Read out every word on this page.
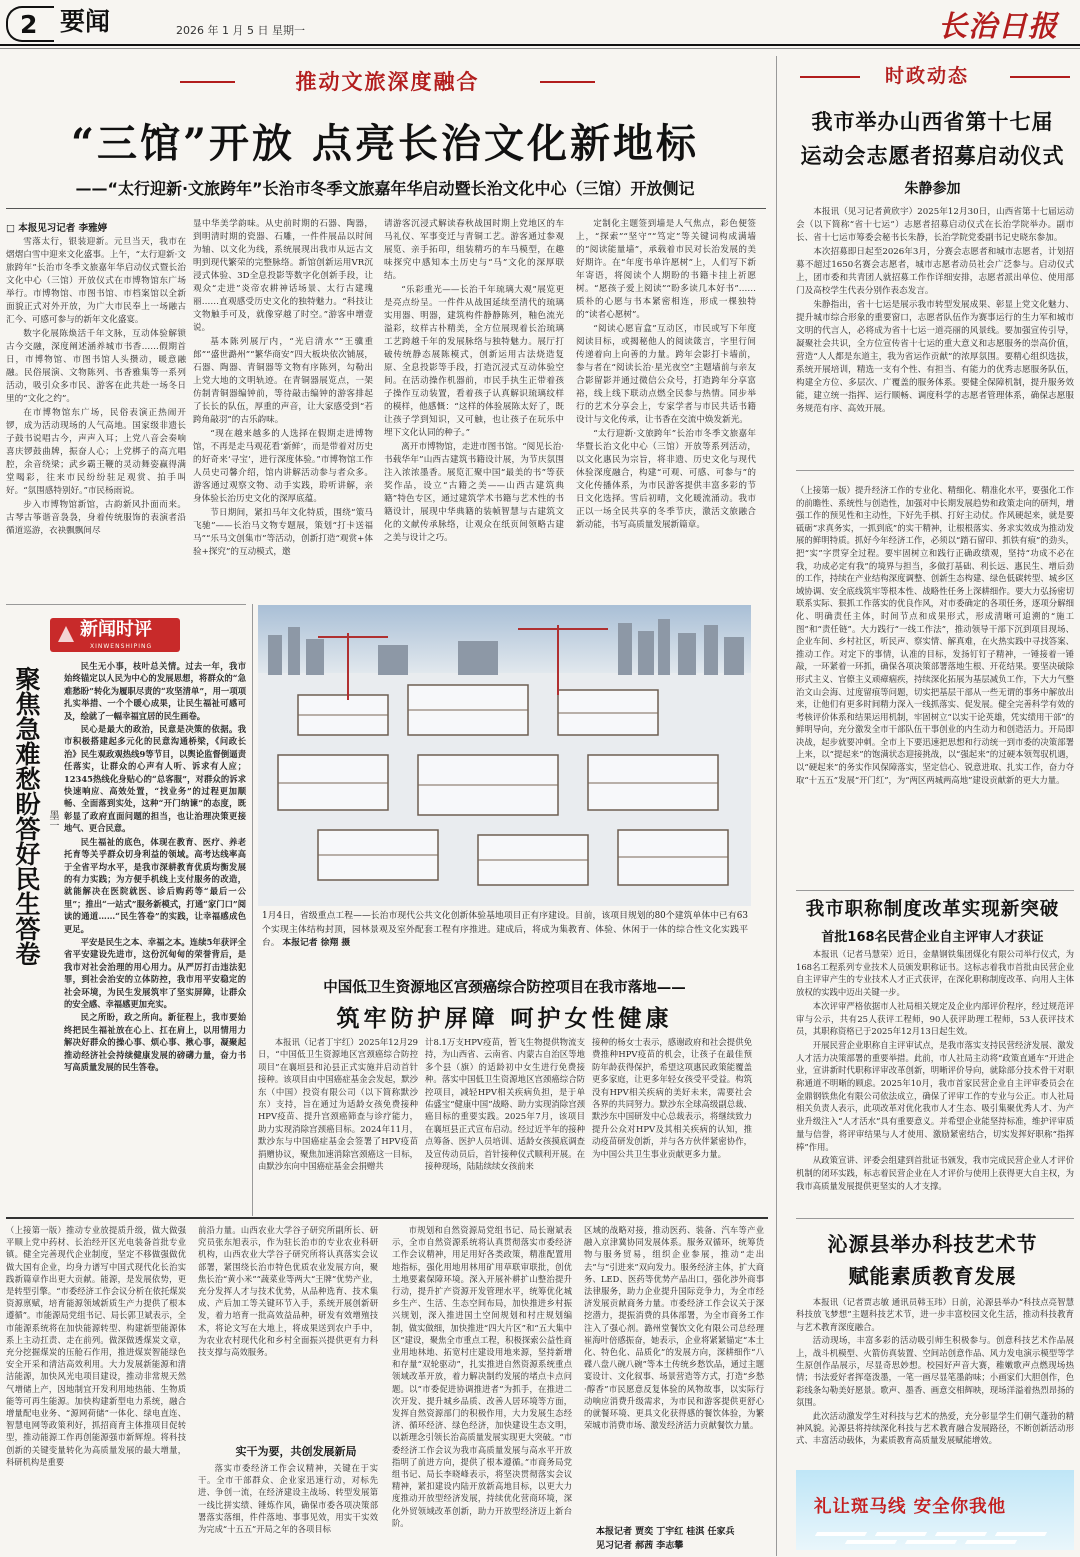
2 要闻	2026 年 1 月 5 日 星期一	长治日报
推动文旅深度融合
“三馆”开放 点亮长治文化新地标
——“太行迎新·文旅跨年”长治市冬季文旅嘉年华启动暨长治文化中心（三馆）开放侧记
□ 本报见习记者 李雅婷

雪落太行，银装迎新。元旦当天，我市在熠熠白雪中迎来文化盛事。上午，“太行迎新·文旅跨年”长治市冬季文旅嘉年华启动仪式暨长治文化中心（三馆）开放仪式在市博物馆东广场举行。市博物馆、市图书馆、市档案馆以全新面貌正式对外开放，为广大市民奉上一场融古汇今、可感可参与的新年文化盛宴。

数字化展陈焕活千年文脉，互动体验解锁古今交融，深度阐述涵养城市书香……假期首日，市博物馆、市图书馆人头攒动，暖意融融。民俗展演、文物陈列、书香雅集等一系列活动，吸引众多市民、游客在此共赴一场冬日里的“文化之约”。

在市博物馆东广场，民俗表演正热闹开锣，成为活动现场的人气高地。国家级非遗长子鼓书说唱古今，声声入耳；上党八音会奏响喜庆锣鼓曲牌，振奋人心；上党梆子的高亢唱腔，余音绕梁；武乡霸王鞭的灵动舞姿赢得满堂喝彩，往来市民纷纷驻足观赏、拍手叫好。“氛围感特别好。”市民杨雨说。

步入市博物馆新馆，古韵新风扑面而来。古琴古筝谐音袅袅，身着传统服饰的表演者沿循道巡游，衣袂飘飘间尽

显中华美学韵味。从史前时期的石器、陶器，到明清时期的瓷器、石雕，一件件展品以时间为轴、以文化为线，系统展现出我市从远古文明到现代繁荣的完整脉络。新馆创新运用VR沉浸式体验、3D全息投影等数字化创新手段，让观众“走进”炎帝农耕神话场景、太行古建瑰丽……直观感受历史文化的独特魅力。“科技让文物触手可及，就像穿越了时空。”游客申增壹说。

基本陈列展厅内，“光启清水”“王骥重郎”“盛世潞州”“繁华商安”四大板块依次铺展，石器、陶器、青铜器等文物有序陈列，勾勒出上党大地的文明轨迹。在青铜器展览点，一架仿制青铜器编钟前，等待敲击编钟的游客排起了长长的队伍，厚重的声音，让大家感受到“若跨角敲羽”的古乐韵味。

“现在越来越多的人选择在假期走进博物馆，不再是走马观花看‘新鲜’，而是带着对历史的好奇来‘寻宝’，进行深度体验。”市博物馆工作人员史司馨介绍，馆内讲解活动参与者众多。游客通过观察文物、动手实践，聆听讲解，亲身体验长治历史文化的深厚底蕴。

节日期间，紧扣马年文化特质，围绕“策马飞驰”——长治马文物专题展，策划“打卡送福马”“乐马文创集市”等活动，创新打造“观赏+体验+探究”的互动模式，邀

请游客沉浸式解读春秋战国时期上党地区的车马礼仪、军事变迁与青铜工艺。游客通过参观展览、亲手拓印，组装精巧的车马模型，在趣味探究中感知本土历史与“马”文化的深厚联结。

“乐彩重光——长治千年琉璃大观”展览更是亮点纷呈。一件件从战国延续至清代的琉璃实用器、明器，建筑构件静静陈列，釉色流光溢彩，纹样古朴精美，全方位展现着长治琉璃工艺跨越千年的发展脉络与独特魅力。展厅打破传统静态展陈模式，创新运用古法烧造复原、全息投影等手段，打造沉浸式互动体验空间。在活动操作机器前，市民手执生正带着孩子操作互动装置，看着孩子认真解识琉璃纹样的模样，他感慨：“这样的体验展陈太好了，既让孩子学到知识，又可触，也让孩子在玩乐中埋下文化认同的种子。”

离开市博物馆，走进市图书馆。“阅见长治·书载华年”山西古建筑书籍设计展，为节庆氛围注入浓浓墨香。展览汇聚中国“最美的书”等获奖作品，设立“古籍之美——山西古建筑典籍”特色专区，通过建筑学术书籍与艺术性的书籍设计，展现中华典籍的装帧智慧与古建筑文化的文献传承脉络，让观众在纸页间领略古建之美与设计之巧。

定制化主题签到墙是人气焦点，彩色便签上，“探索”“坚守”“笃定”等关键词构成满墙的“阅读能量墙”，承载着市民对长治发展的美好期许。在“年度书单许愿树”上，人们写下新年寄语，将阅读个人期盼的书籍卡挂上祈愿树。“愿孩子爱上阅读”“盼多读几本好书”……质朴的心愿与书本紧密相连，形成一棵独特的“读者心愿树”。

“阅读心愿盲盒”互动区，市民或写下年度阅读目标，或揭秘他人的阅读箴言，字里行间传递着向上向善的力量。跨年会影打卡墙前，参与者在“阅读长治·星光夜空”主题墙前与亲友合影留影并通过微信公众号，打造跨年分享富裕，线上线下联动点燃全民参与热情。同步举行的艺术分享会上，专家学者与市民共话书籍设计与文化传承，让书香在交流中焕发新光。

“太行迎新·文旅跨年”长治市冬季文旅嘉年华暨长治文化中心（三馆）开放等系列活动，以文化惠民为宗旨，将非遗、历史文化与现代休验深度融合，构建“可观、可感、可参与”的文化传播体系，为市民游客提供丰富多彩的节日文化选择。雪后初晴，文化暖流涌动。我市正以一场全民共享的冬季节庆，激活文旅融合新动能，书写高质量发展新篇章。

时政动态
我市举办山西省第十七届
运动会志愿者招募启动仪式
朱静参加

本报讯（见习记者黄欣宇）2025年12月30日，山西省第十七届运动会（以下简称“省十七运”）志愿者招募启动仪式在长治学院举办。副市长、省十七运市筹委会秘书长朱静，长治学院党委副书记史晓东参加。

本次招募即日起至2026年3月，分赛会志愿者和城市志愿者，计划招募不超过1650名赛会志愿者，城市志愿者动员社会广泛参与。启动仪式上，团市委和共青团人就招募工作作详细安排，志愿者派出单位、使用部门及高校学生代表分别作表态发言。

朱静指出，省十七运是展示我市转型发展成果、彰显上党文化魅力、提升城市综合形象的重要窗口，志愿者队伍作为赛事运行的生力军和城市文明的代言人，必将成为省十七运一道亮丽的风景线。要加强宣传引导，凝聚社会共识，全方位宣传省十七运的重大意义和志愿服务的崇高价值，营造“人人都是东道主，我为省运作贡献”的浓厚氛围。要精心组织选拔，系统开展培训，精选一支有个性、有担当、有能力的优秀志愿服务队伍，构建全方位、多层次、广覆盖的服务体系。要健全保障机制，提升服务效能，建立统一指挥、运行顺畅、调度科学的志愿者管理体系，确保志愿服务规范有序、高效开展。

（上接第一版）提升经济工作的专业化、精细化、精准化水平，要强化工作的前瞻性、系统性与创造性，加强对中长期发展趋势和政策走向的研判，增强工作的预见性和主动性，下好先手棋、打好主动仗。作风硬起来，就是要砥砺“求真务实，一抓到底”的实干精神，让根根落实、务求实效成为推动发展的鲜明特质。抓好今年经济工作，必须以“踏石留印、抓铁有痕”的劲头，把“实”字贯穿全过程。要牢固树立和践行正确政绩观，坚持“功成不必在我，功成必定有我”的境界与担当，多做打基础、利长远、惠民生、增后劲的工作，持续在产业结构深度调整、创新生态构建、绿色低碳转型、城乡区域协调、安全底线筑牢等根本性、战略性任务上深耕细作。要大力弘扬密切联系实际、狠抓工作落实的优良作风，对市委确定的各项任务，逐项分解细化、明确责任主体，时间节点和成果形式，形成清晰可追溯的“施工图”和“责任链”。大力践行“一线工作法”，推动领导干部下沉到项目现场、企业车间、乡村社区，听民声、察实情、解真难，在火热实践中寻找答案、推动工作。对定下的事情，认准的目标，发扬钉钉子精神，一锤接着一锤敲，一环紧着一环抓，确保各项决策部署落地生根、开花结果。要坚决破除形式主义、官僚主义顽瘴痼疾，持续深化拓展为基层减负工作，下大力气整治文山会海、过度留痕等问题，切实把基层干部从一些无谓的事务中解放出来，让他们有更多时间精力深入一线抓落实、促发展。健全完善科学有效的考核评价体系和结果运用机制，牢固树立“以实干论英雄，凭实绩用干部”的鲜明导向，充分激发全市干部队伍干事创业的内生动力和创造活力。开局即决战，起步就要冲刺。全市上下要迅速把思想和行动统一到市委的决策部署上来，以“提起来”的饱满状态迎接挑战，以“强起来”的过硬本领驾驭机遇，以“硬起来”的务实作风保障落实，坚定信心、锐意进取、扎实工作，奋力夺取“十五五”发展“开门红”，为“两区两城两高地”建设贡献新的更大力量。

我市职称制度改革实现新突破
首批168名民营企业自主评审人才获证

本报讯（记者马慧荣）近日，金鼎钢铁集团煤化有限公司举行仪式，为168名工程系列专业技术人员颁发职称证书。这标志着我市首批由民营企业自主评审产生的专业技术人才正式获评，在深化职称制度改革、向用人主体放权的实践中迈出关键一步。

本次评审严格依据市人社局相关规定及企业内部评价程序，经过规范评审与公示，共有25人获评工程师，90人获评助理工程师，53人获评技术员，其职称资格已于2025年12月13日起生效。

开展民营企业职称自主评审试点，是我市落实支持民营经济发展、激发人才活力决策部署的重要举措。此前，市人社局主动将“政策直通车”开进企业，宣讲新时代职称评审改革创新，明晰评价导向，就除部分技术骨干对职称通道不明晰的顾虑。2025年10月，我市首家民营企业自主评审委员会在金鼎钢铁焦化有限公司依法成立，确保了评审工作的专业与公正。市人社局相关负责人表示，此项改革对优化我市人才生态、吸引集聚优秀人才、为产业升级注入“人才活水”具有重要意义。并希望企业能坚持标准，维护评审质量与信誉，将评审结果与人才使用、激励紧密结合，切实发挥好职称“指挥棒”作用。

从政策宣讲、评委会组建到首批证书颁发，我市完成民营企业人才评价机制的闭环实践，标志着民营企业在人才评价与使用上获得更大自主权，为我市高质量发展提供更坚实的人才支撑。

沁源县举办科技艺术节
赋能素质教育发展

本报讯（记者贾志敏 通讯员韩玉玮）日前，沁源县举办“科技点亮智慧 科技放飞梦想”主题科技艺术节，进一步丰富校园文化生活，推动科技教育与艺术教育深度融合。

活动现场，丰富多彩的活动吸引师生积极参与。创意科技艺术作品展上，战斗机模型、火箭仿真装置、空间站创意作品、风力发电演示模型等学生原创作品展示，尽显奇思妙想。校园好声音大赛，稚嫩歌声点燃现场热情；书法爱好者挥毫泼墨，一笔一画尽显笔墨韵味；小画家们大胆创作，色彩线条勾勒美好愿景。歌声、墨香、画意交相辉映，现场洋溢着热烈昂扬的氛围。

此次活动激发学生对科技与艺术的热爱，充分彰显学生们朝气蓬勃的精神风貌。沁源县将持续深化科技与艺术教育融合发展路径，不断创新活动形式、丰富活动载体，为素质教育高质量发展赋能增效。

礼让斑马线 安全你我他
新闻时评
XINWENSHIPING
聚焦急难愁盼答好民生答卷 墨一

民生无小事，枝叶总关情。过去一年，我市始终锚定以人民为中心的发展思想，将群众的“急难愁盼”转化为履职尽责的“攻坚清单”，用一项项扎实举措、一个个暖心成果，让民生福祉可感可及，绘就了一幅幸福宜居的民生画卷。

民心是最大的政治，民意是决策的依据。我市积极搭建起多元化的民意沟通桥梁，《问政长治》民生观政观热线9等节目，以舆论监督倒逼责任落实，让群众的心声有人听、诉求有人应；12345热线化身贴心的“总客服”，对群众的诉求快速响应、高效处置，“找业务”的过程更加顺畅、全面落到实处，这种“开门纳谏”的态度，既彰显了政府直面问题的担当，也让治理决策更接地气、更合民意。

民生福祉的底色，体现在教育、医疗、养老托育等关乎群众切身利益的领域。高考达线率高于全省平均水平，是我市深耕教育优质均衡发展的有力实践；为方便手机线上支付服务的改造，就能解决在医院就医、诊后购药等“最后一公里”；推出“一站式”服务新模式，打通“家门口”阅读的通道……“民生答卷”的实践，让幸福感成色更足。

平安是民生之本、幸福之本。连续5年获评全省平安建设先进市，这份沉甸甸的荣誉背后，是我市对社会治理的用心用力。从严厉打击违法犯罪，到社会治安的立体防控，我市用平安稳定的社会环境，为民生发展筑牢了坚实屏障，让群众的安全感、幸福感更加充实。

民之所盼，政之所向。新征程上，我市要始终把民生福祉放在心上、扛在肩上，以用情用力解决好群众的操心事、烦心事、揪心事，凝聚起推动经济社会持续健康发展的磅礴力量，奋力书写高质量发展的民生答卷。

1月4日，省级重点工程——长治市现代公共文化创新体验基地项目正有序建设。目前，该项目规划的80个建筑单体中已有63个实现主体结构封顶，园林景观及室外配套工程有序推进。建成后，将成为集教育、体验、休闲于一体的综合性文化实践平台。 本报记者 徐翔 摄
中国低卫生资源地区宫颈癌综合防控项目在我市落地——
筑牢防护屏障 呵护女性健康

本报讯（记者丁宇红）2025年12月29日，“中国低卫生资源地区宫颈癌综合防控项目”在襄垣县和沁县正式实施并启动首针接种。该项目由中国癌症基金会发起，默沙东（中国）投资有限公司（以下简称默沙东）支持，旨在通过为适龄女孩免费接种HPV疫苗、提升宫颈癌筛查与诊疗能力，助力实现消除宫颈癌目标。2024年11月，默沙东与中国癌症基金会签署了HPV疫苗捐赠协议，聚焦加速消除宫颈癌这一目标，由默沙东向中国癌症基金会捐赠共

计8.1万支HPV疫苗，暂飞生物提供物流支持，为山西省、云南省、内蒙古自治区等地多个县（旗）的适龄初中女生进行免费接种。落实中国低卫生资源地区宫颈癌综合防控项目，减轻HPV相关疾病负担，是于单佑盛宝“健康中国”战略、助力实现消除宫颈癌目标的重要实践。2025年7月，该项目在襄垣县正式宣布启动。经过近半年的接种点筹备、医护人员培训、适龄女孩摸底调查及宣传动员后，首针接种仪式顺利开展。在接种现场，陆陆续续女孩前来

接种的杨女士表示，感谢政府和社会提供免费推种HPV疫苗的机会，让孩子在最佳预防年龄获得保护，希望这项惠民政策能覆盖更多家庭，让更多年轻女孩受平受益。构筑没有HPV相关疾病的美好未来，需要社会各界的共同努力。默沙东全球高级副总裁、默沙东中国研发中心总裁表示，将继续致力提升公众对HPV及其相关疾病的认知，推动疫苗研发创新，并与各方伙伴紧密协作，为中国公共卫生事业贡献更多力量。

（上接第一版）推动专业放提质升级，做大做强平顺上党中药材、长治经开区光电装备首批专业镇。健全完善现代企业制度，坚定不移做强做优做大国有企业，均身力谱写中国式现代化长治实践新篇章作出更大贡献。能源，是发展依势，更是转型引擎。“市委经济工作会议分析在依托煤炭资源禀赋，培育能源领域新质生产力提供了根本遵循”。市能源局党组书记、局长郭卫斌表示，全市能源系统将在加快能源转型、构建新型能源体系上主动扛责、走在前列。做深做透煤炭文章，充分挖掘煤炭的压舱石作用，推进煤炭智能绿色安全开采和清洁高效利用。大力发展新能源和清洁能源，加快风光电项目建设，推动非常规天然气增储上产，因地制宜开发利用地热能、生物质能等可再生能源。加快构建新型电力系统，融合增量配电业务、“源网荷储”一体化、绿电直连、智慧电网等政策利好，抓招商育主体推项目促转型，推动能源工作再创能源强市新辉煌。将科技创新的关键变量转化为高质量发展的最大增量，科研机构是重要

前沿力量。山西农业大学谷子研究所副所长、研究员张东旭表示，作为驻长治市的专业农业科研机构，山西农业大学谷子研究所将认真落实会议部署，紧围绕长治市特色优质农业发展方向，聚焦长治“黄小米”“蔬菜业等两大“王牌”优势产业，充分发挥人才与技术优势，从品种选育、技术集成、产后加工等关键环节入手，系统开展创新研发，着力培育一批高效益品种，研发有效增殖技术，将论文写在大地上，将成果送到农户手中，为农业农村现代化和乡村全面振兴提供更有力科技支撑与高效服务。

实干为要，共创发展新局

落实市委经济工作会议精神，关键在于实干。全市干部群众、企业家迅速行动，对标先进、争创一流，在经济建设主战场、转型发展第一线比拼实绩、锤炼作风，确保市委各项决策部署落实落细，件件落地、事事见效，用实干实效为完成“十五五”开局之年的各项目标

市规划和自然资源局党组书记、局长谢斌表示，全市自然资源系统将认真贯彻落实市委经济工作会议精神，用足用好各类政策，精准配置用地指标，强化用地用林用矿用草联审联批，创优土地要素保障环境。深入开展补耕扩山整治提升行动，提升扩产资源开发管理水平，统筹优化城乡生产、生活、生态空间布局，加快推进乡村振兴规划，深入推进国土空间规划和村庄规划编制，做实做细，加快推进“四大片区”和“五大集中区”建设，聚焦全市重点工程，积极探索公益性商业用地林地、拓宽村庄建设用地来源，坚持新增和存量“双轮驱动”，扎实推进自然资源系统重点领域改革开放，着力解决制约发展的堵点卡点问题。以“市委促进协调推进者”为抓手，在推进二次开发、提升城乡品质、改善人居环境等方面，发挥自然资源部门的积极作用，大力发展生态经济、循环经济、绿色经济，加快建设生态文明，以新理念引领长治高质量发展实现更大突破。“市委经济工作会议为我市高质量发展与高水平开放指明了前进方向，提供了根本遵循。”市商务局党组书记、局长李晓峰表示，将坚决贯彻落实会议精神，紧扣建设内陆开放新高地目标，以更大力度推动开放型经济发展，持续优化营商环境，深化外贸领域改革创新，助力开放型经济迈上新台阶。

区域的战略对接，推动医药、装备、汽车等产业融入京津冀协同发展体系。服务双循环，统筹货物与服务贸易，组织企业参展，推动“走出去”与“引进来”双向发力。服务经济主体，扩大商务、LED、医药等优势产品出口，强化涉外商事法律服务，助力企业提升国际竞争力，为全市经济发展贡献商务力量。市委经济工作会议关于深挖潜力，提振消费的具体部署，为全市商务工作注入了强心剂。潞州堂餐饮文化有限公司总经理崔海叶倍感振奋，她表示，企业将紧紧锚定“本土化、特色化、品质化”的发展方向，深耕细作“八碟八盘八碗八碗”等本土传统乡愁饮品，通过主题宴设计、文化叙事、场景营造等方式，打造“乡愁·醇香”市民愿意反复体验的风物故事，以实际行动响应消费升级需求，为市民和游客提供更舒心的就餐环境、更具文化获得感的餐饮体验，为繁荣城市消费市场、激发经济活力贡献餐饮力量。

本报记者 贾奕 丁宇红 桂淇 任家兵
见习记者 郝茜 李志攀
